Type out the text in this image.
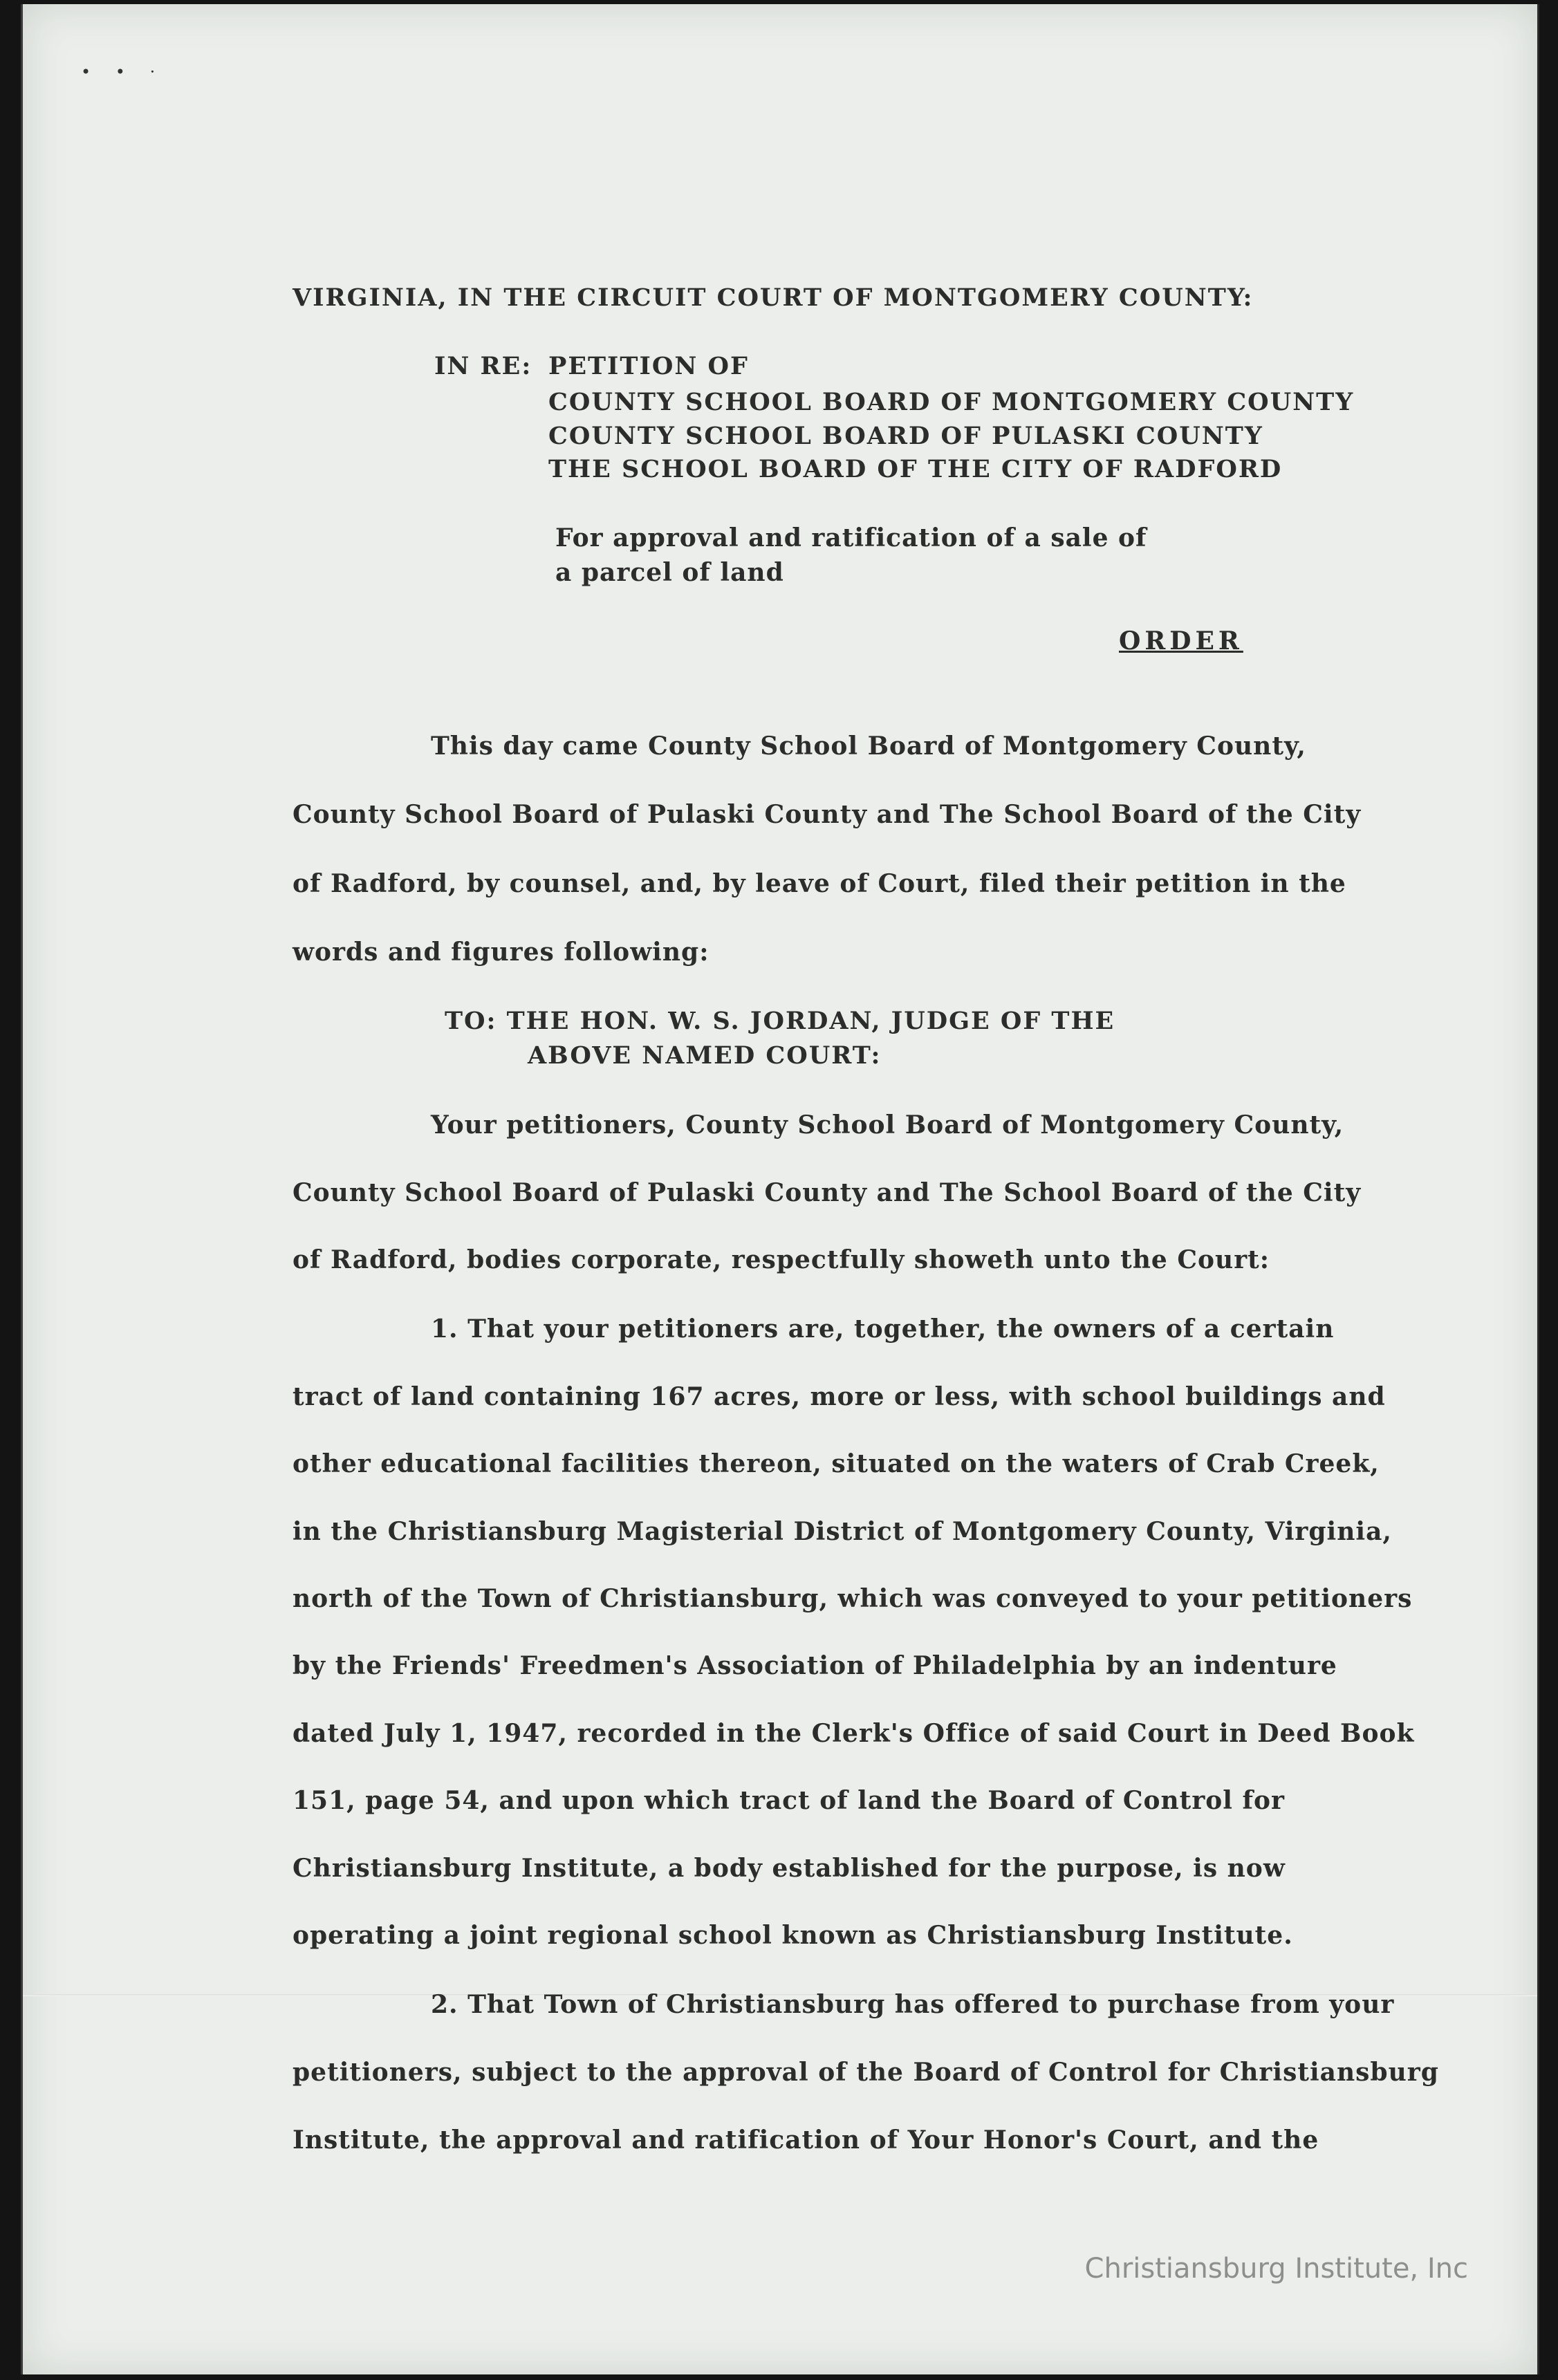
• • ·
VIRGINIA, IN THE CIRCUIT COURT OF MONTGOMERY COUNTY:
IN RE: PETITION OF
COUNTY SCHOOL BOARD OF MONTGOMERY COUNTY
COUNTY SCHOOL BOARD OF PULASKI COUNTY
THE SCHOOL BOARD OF THE CITY OF RADFORD
For approval and ratification of a sale of
a parcel of land
ORDER
This day came County School Board of Montgomery County,
County School Board of Pulaski County and The School Board of the City
of Radford, by counsel, and, by leave of Court, filed their petition in the
words and figures following:
TO: THE HON. W. S. JORDAN, JUDGE OF THE
ABOVE NAMED COURT:
Your petitioners, County School Board of Montgomery County,
County School Board of Pulaski County and The School Board of the City
of Radford, bodies corporate, respectfully showeth unto the Court:
1. That your petitioners are, together, the owners of a certain
tract of land containing 167 acres, more or less, with school buildings and
other educational facilities thereon, situated on the waters of Crab Creek,
in the Christiansburg Magisterial District of Montgomery County, Virginia,
north of the Town of Christiansburg, which was conveyed to your petitioners
by the Friends' Freedmen's Association of Philadelphia by an indenture
dated July 1, 1947, recorded in the Clerk's Office of said Court in Deed Book
151, page 54, and upon which tract of land the Board of Control for
Christiansburg Institute, a body established for the purpose, is now
operating a joint regional school known as Christiansburg Institute.
2. That Town of Christiansburg has offered to purchase from your
petitioners, subject to the approval of the Board of Control for Christiansburg
Institute, the approval and ratification of Your Honor's Court, and the
Christiansburg Institute, Inc
